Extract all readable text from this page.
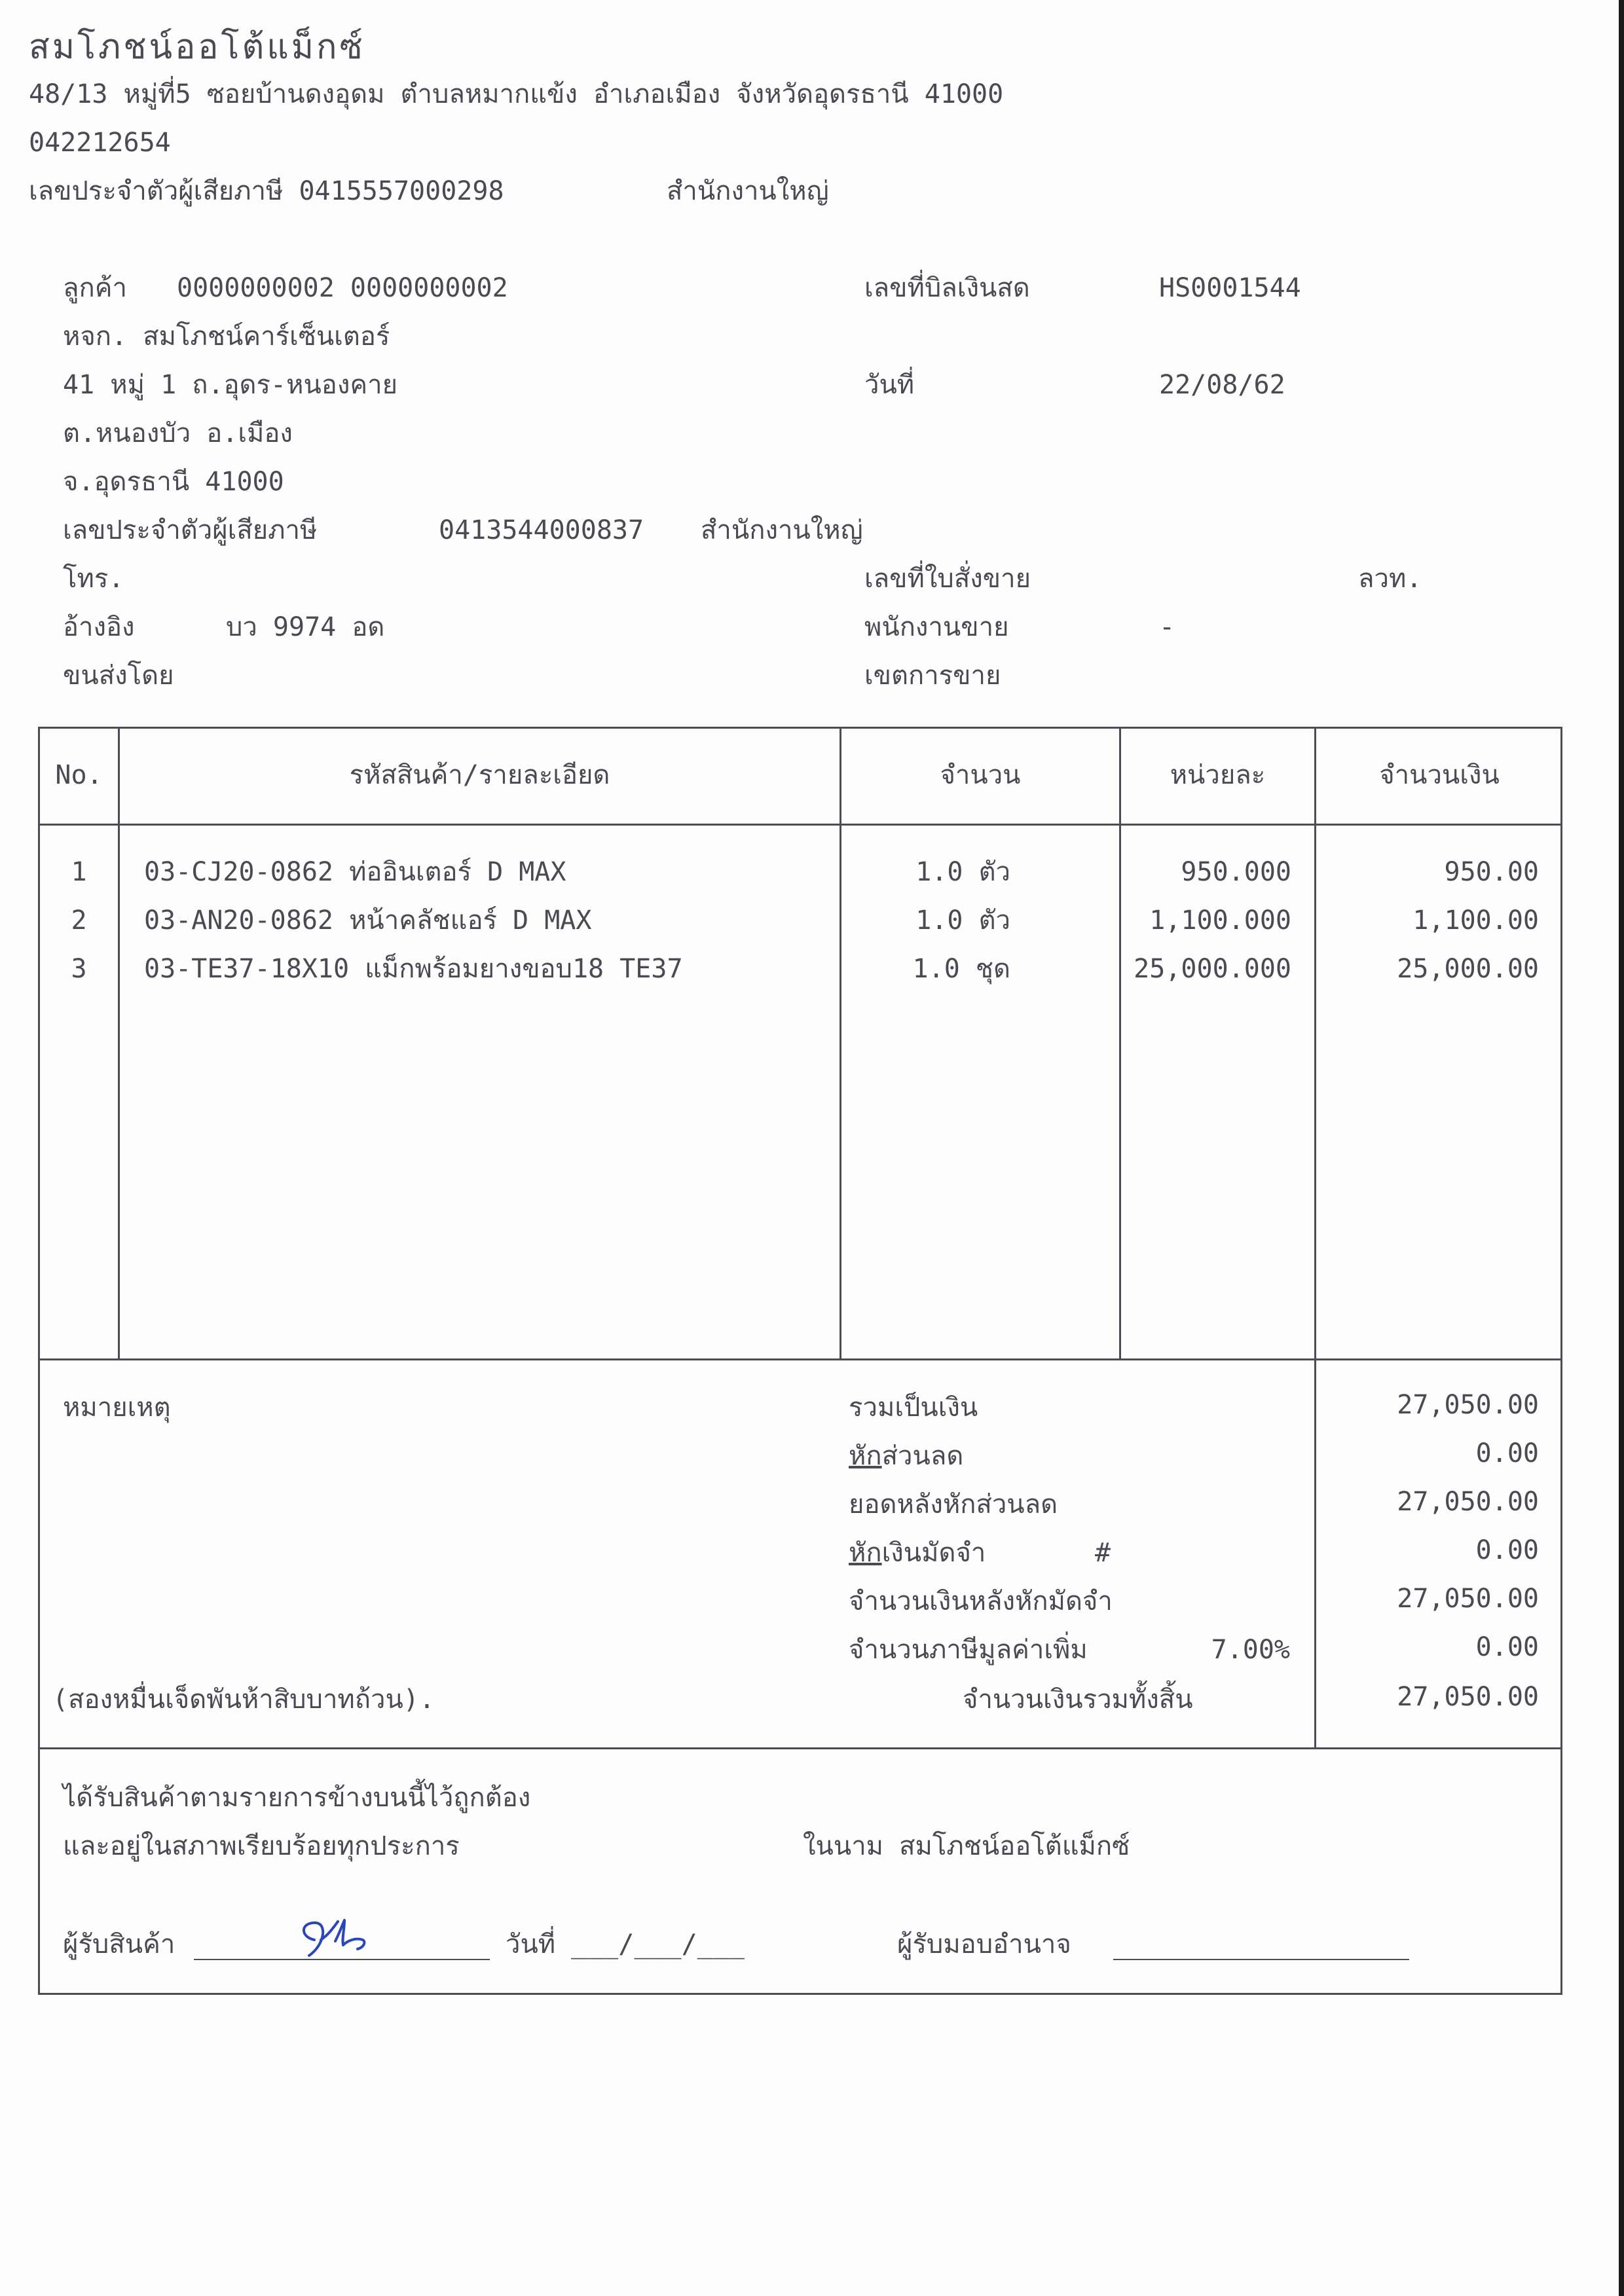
สมโภชน์ออโต้แม็กซ์
48/13 หมู่ที่5 ซอยบ้านดงอุดม ตำบลหมากแข้ง อำเภอเมือง จังหวัดอุดรธานี 41000
042212654
เลขประจำตัวผู้เสียภาษี 0415557000298	สำนักงานใหญ่
ลูกค้า 0000000002 0000000002
หจก. สมโภชน์คาร์เซ็นเตอร์
41 หมู่ 1 ถ.อุดร-หนองคาย
ต.หนองบัว อ.เมือง
จ.อุดรธานี 41000
เลขประจำตัวผู้เสียภาษี	0413544000837 สำนักงานใหญ่
โทร.
อ้างอิง	บว 9974 อด
ขนส่งโดย
เลขที่บิลเงินสด	HS0001544
วันที่	22/08/62
เลขที่ใบสั่งขาย	ลวท.
พนักงานขาย	-
เขตการขาย
No.	รหัสสินค้า/รายละเอียด	จำนวน	หน่วยละ	จำนวนเงิน
1	03-CJ20-0862 ท่ออินเตอร์ D MAX	1.0 ตัว	950.000	950.00
2	03-AN20-0862 หน้าคลัชแอร์ D MAX	1.0 ตัว	1,100.000	1,100.00
3	03-TE37-18X10 แม็กพร้อมยางขอบ18 TE37	1.0 ชุด	25,000.000	25,000.00
หมายเหตุ	รวมเป็นเงิน	27,050.00
หักส่วนลด	0.00
ยอดหลังหักส่วนลด	27,050.00
หักเงินมัดจำ	#	0.00
จำนวนเงินหลังหักมัดจำ	27,050.00
จำนวนภาษีมูลค่าเพิ่ม	7.00%	0.00
(สองหมื่นเจ็ดพันห้าสิบบาทถ้วน).	จำนวนเงินรวมทั้งสิ้น	27,050.00
ได้รับสินค้าตามรายการข้างบนนี้ไว้ถูกต้อง
และอยู่ในสภาพเรียบร้อยทุกประการ	ในนาม สมโภชน์ออโต้แม็กซ์
ผู้รับสินค้า	วันที่ ___/___/___	ผู้รับมอบอำนาจ
